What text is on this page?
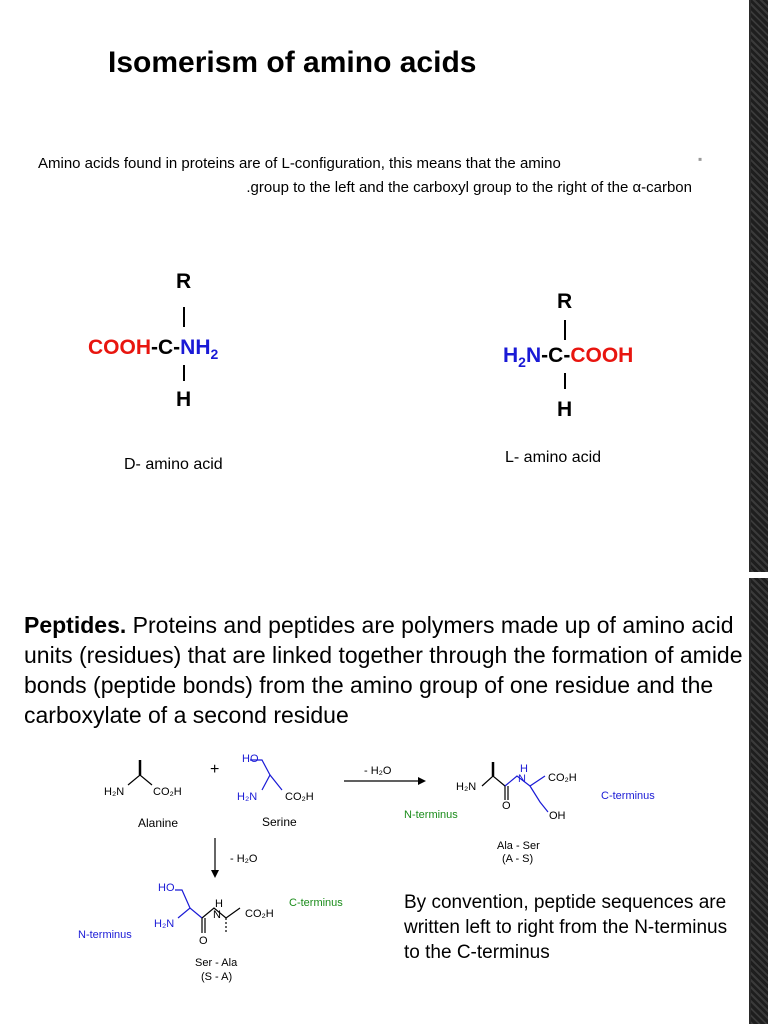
Isomerism of amino acids
Amino acids found in proteins are of L-configuration, this means that the amino
.group to the left and the carboxyl group to the right of the α-carbon
▪
R
COOH-$C-NH_2$
H
D- amino acid
R
$H_2N-C$-COOH
H
L- amino acid
Peptides. Proteins and peptides are polymers made up of amino acid units (residues) that are linked together through the formation of amide bonds (peptide bonds) from the amino group of one residue and the carboxylate of a second residue
H₂N	CO₂H
Alanine
+
HO
H₂N	CO₂H
Serine
- H₂O
- H₂O
H₂N
H
N CO₂H
O
OH
C-terminus
N-terminus
Ala - Ser
(A - S)
HO
N-terminus
H₂N
H
N CO₂H
O
C-terminus
Ser - Ala
(S - A)
By convention, peptide sequences are written left to right from the N-terminus to the C-terminus
